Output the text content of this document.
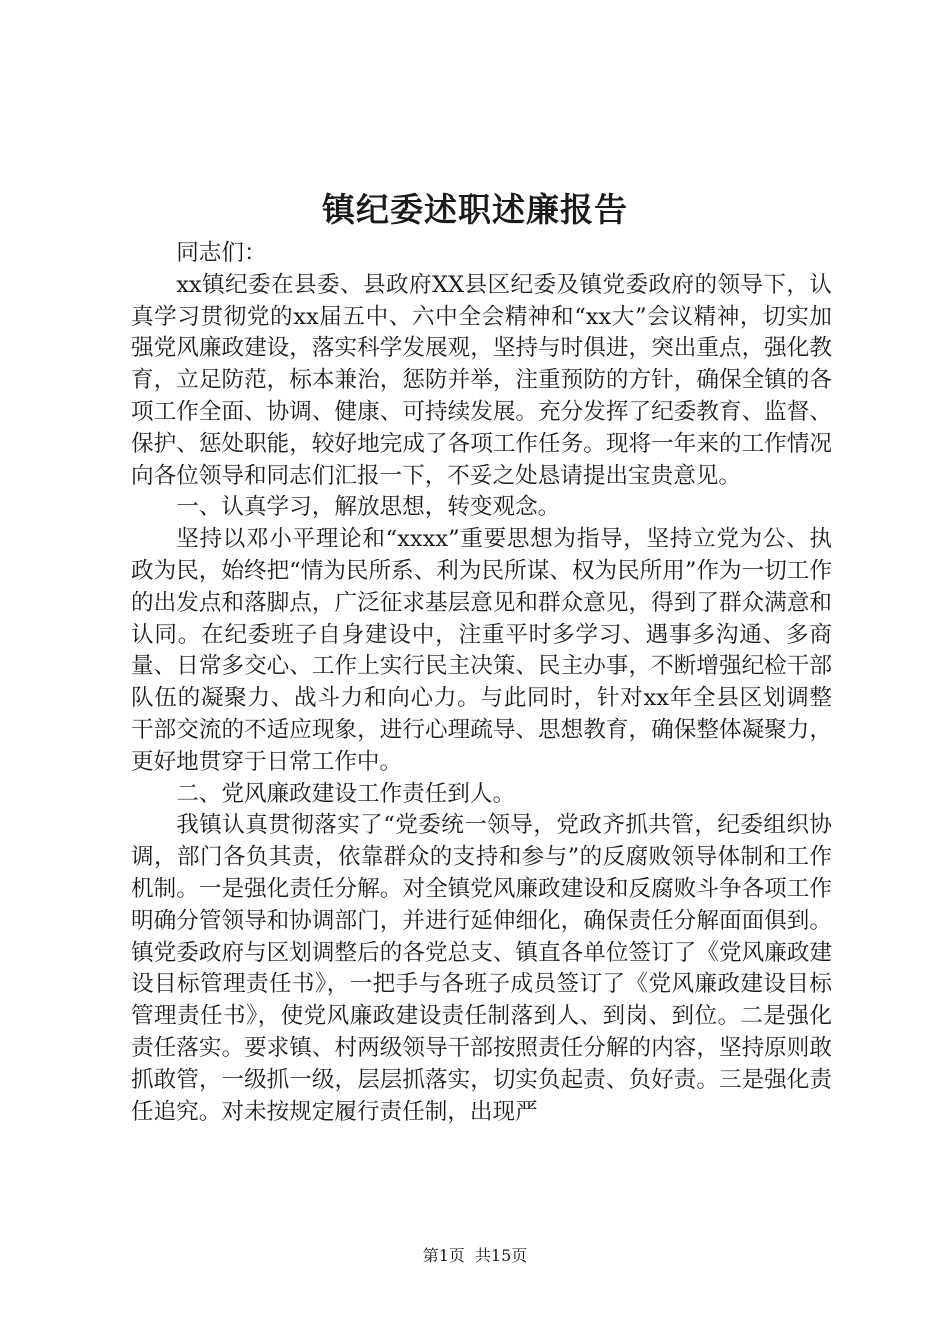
镇纪委述职述廉报告

同志们：

xx镇纪委在县委、县政府XX县区纪委及镇党委政府的领导下，认真学习贯彻党的xx届五中、六中全会精神和“xx大”会议精神，切实加强党风廉政建设，落实科学发展观，坚持与时俱进，突出重点，强化教育，立足防范，标本兼治，惩防并举，注重预防的方针，确保全镇的各项工作全面、协调、健康、可持续发展。充分发挥了纪委教育、监督、保护、惩处职能，较好地完成了各项工作任务。现将一年来的工作情况向各位领导和同志们汇报一下，不妥之处恳请提出宝贵意见。

一、认真学习，解放思想，转变观念。

坚持以邓小平理论和“xxxx”重要思想为指导，坚持立党为公、执政为民，始终把“情为民所系、利为民所谋、权为民所用”作为一切工作的出发点和落脚点，广泛征求基层意见和群众意见，得到了群众满意和认同。在纪委班子自身建设中，注重平时多学习、遇事多沟通、多商量、日常多交心、工作上实行民主决策、民主办事，不断增强纪检干部队伍的凝聚力、战斗力和向心力。与此同时，针对xx年全县区划调整干部交流的不适应现象，进行心理疏导、思想教育，确保整体凝聚力，更好地贯穿于日常工作中。

二、党风廉政建设工作责任到人。

我镇认真贯彻落实了“党委统一领导，党政齐抓共管，纪委组织协调，部门各负其责，依靠群众的支持和参与”的反腐败领导体制和工作机制。一是强化责任分解。对全镇党风廉政建设和反腐败斗争各项工作明确分管领导和协调部门，并进行延伸细化，确保责任分解面面俱到。镇党委政府与区划调整后的各党总支、镇直各单位签订了《党风廉政建设目标管理责任书》，一把手与各班子成员签订了《党风廉政建设目标管理责任书》，使党风廉政建设责任制落到人、到岗、到位。二是强化责任落实。要求镇、村两级领导干部按照责任分解的内容，坚持原则敢抓敢管，一级抓一级，层层抓落实，切实负起责、负好责。三是强化责任追究。对未按规定履行责任制，出现严

第1页 共15页
